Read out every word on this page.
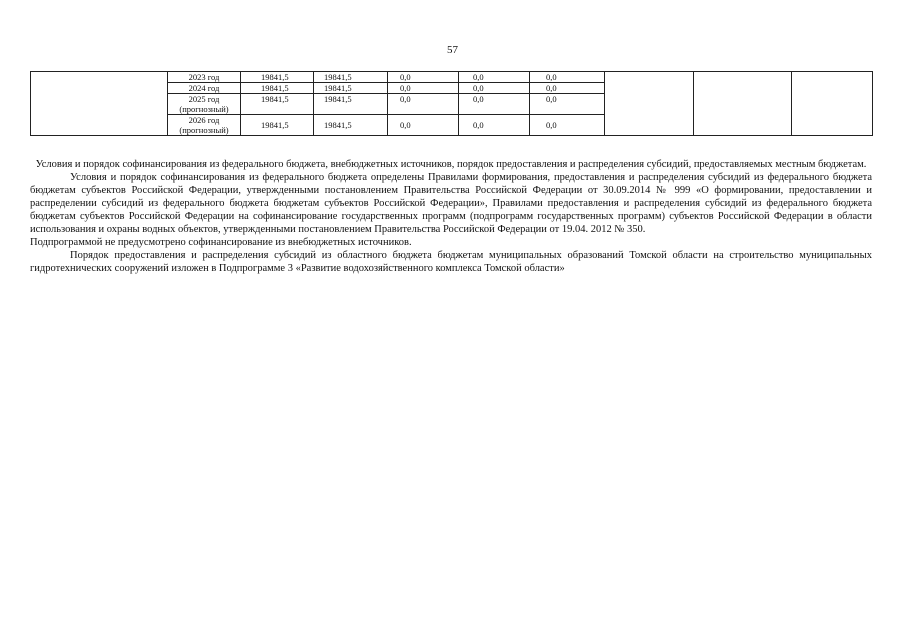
57
	2023 год	19841,5	19841,5	0,0	0,0	0,0			
	2024 год	19841,5	19841,5	0,0	0,0	0,0			
	2025 год (прогнозный)	19841,5	19841,5	0,0	0,0	0,0			
	2026 год (прогнозный)	19841,5	19841,5	0,0	0,0	0,0			

Условия и порядок софинансирования из федерального бюджета, внебюджетных источников, порядок предоставления и распределения субсидий, предоставляемых местным бюджетам.

Условия и порядок софинансирования из федерального бюджета определены Правилами формирования, предоставления и распределения субсидий из федерального бюджета бюджетам субъектов Российской Федерации, утвержденными постановлением Правительства Российской Федерации от 30.09.2014 № 999 «О формировании, предоставлении и распределении субсидий из федерального бюджета бюджетам субъектов Российской Федерации», Правилами предоставления и распределения субсидий из федерального бюджета бюджетам субъектов Российской Федерации на софинансирование государственных программ (подпрограмм государственных программ) субъектов Российской Федерации в области использования и охраны водных объектов, утвержденными постановлением Правительства Российской Федерации от 19.04. 2012 № 350.

Подпрограммой не предусмотрено софинансирование из внебюджетных источников.

Порядок предоставления и распределения субсидий из областного бюджета бюджетам муниципальных образований Томской области на строительство муниципальных гидротехнических сооружений изложен в Подпрограмме 3 «Развитие водохозяйственного комплекса Томской области»
